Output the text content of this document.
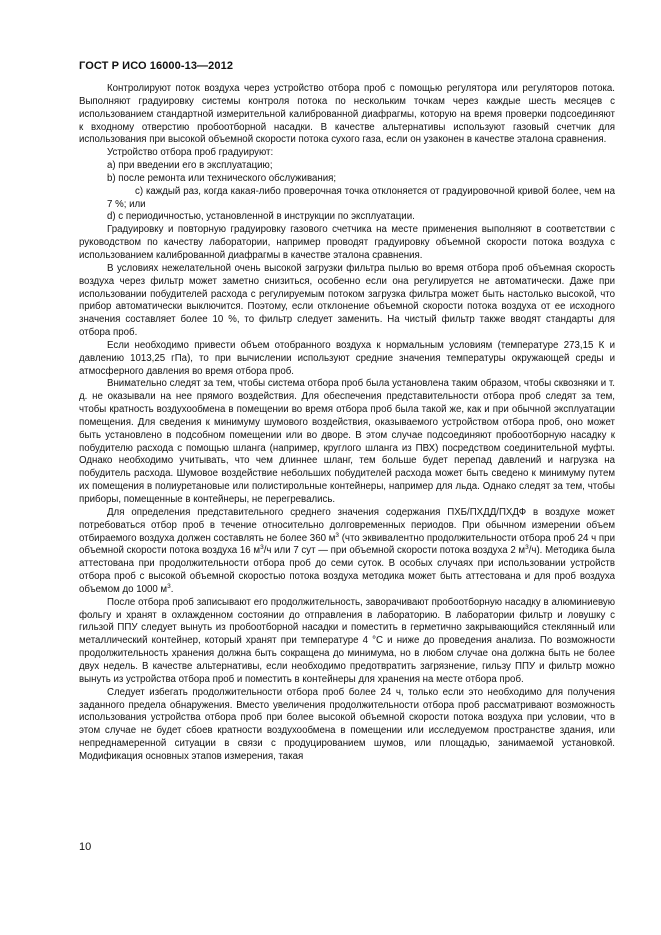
ГОСТ Р ИСО 16000-13—2012

Контролируют поток воздуха через устройство отбора проб с помощью регулятора или регуляторов потока. Выполняют градуировку системы контроля потока по нескольким точкам через каждые шесть месяцев с использованием стандартной измерительной калиброванной диафрагмы, которую на время проверки подсоединяют к входному отверстию пробоотборной насадки. В качестве альтернативы используют газовый счетчик для использования при высокой объемной скорости потока сухого газа, если он узаконен в качестве эталона сравнения.

Устройство отбора проб градуируют:

a) при введении его в эксплуатацию;

b) после ремонта или технического обслуживания;

c) каждый раз, когда какая-либо проверочная точка отклоняется от градуировочной кривой более, чем на 7 %; или

d) с периодичностью, установленной в инструкции по эксплуатации.

Градуировку и повторную градуировку газового счетчика на месте применения выполняют в соответствии с руководством по качеству лаборатории, например проводят градуировку объемной скорости потока воздуха с использованием калиброванной диафрагмы в качестве эталона сравнения.

В условиях нежелательной очень высокой загрузки фильтра пылью во время отбора проб объемная скорость воздуха через фильтр может заметно снизиться, особенно если она регулируется не автоматически. Даже при использовании побудителей расхода с регулируемым потоком загрузка фильтра может быть настолько высокой, что прибор автоматически выключится. Поэтому, если отклонение объемной скорости потока воздуха от ее исходного значения составляет более 10 %, то фильтр следует заменить. На чистый фильтр также вводят стандарты для отбора проб.

Если необходимо привести объем отобранного воздуха к нормальным условиям (температуре 273,15 К и давлению 1013,25 гПа), то при вычислении используют средние значения температуры окружающей среды и атмосферного давления во время отбора проб.

Внимательно следят за тем, чтобы система отбора проб была установлена таким образом, чтобы сквозняки и т. д. не оказывали на нее прямого воздействия. Для обеспечения представительности отбора проб следят за тем, чтобы кратность воздухообмена в помещении во время отбора проб была такой же, как и при обычной эксплуатации помещения. Для сведения к минимуму шумового воздействия, оказываемого устройством отбора проб, оно может быть установлено в подсобном помещении или во дворе. В этом случае подсоединяют пробоотборную насадку к побудителю расхода с помощью шланга (например, круглого шланга из ПВХ) посредством соединительной муфты. Однако необходимо учитывать, что чем длиннее шланг, тем больше будет перепад давлений и нагрузка на побудитель расхода. Шумовое воздействие небольших побудителей расхода может быть сведено к минимуму путем их помещения в полиуретановые или полистирольные контейнеры, например для льда. Однако следят за тем, чтобы приборы, помещенные в контейнеры, не перегревались.

Для определения представительного среднего значения содержания ПХБ/ПХДД/ПХДФ в воздухе может потребоваться отбор проб в течение относительно долговременных периодов. При обычном измерении объем отбираемого воздуха должен составлять не более 360 $м^3$ (что эквивалентно продолжительности отбора проб 24 ч при объемной скорости потока воздуха 16 $м^3/ч$ или 7 сут — при объемной скорости потока воздуха 2 $м^3/ч$). Методика была аттестована при продолжительности отбора проб до семи суток. В особых случаях при использовании устройств отбора проб с высокой объемной скоростью потока воздуха методика может быть аттестована и для проб воздуха объемом до 1000 $м^3$.

После отбора проб записывают его продолжительность, заворачивают пробоотборную насадку в алюминиевую фольгу и хранят в охлажденном состоянии до отправления в лабораторию. В лаборатории фильтр и ловушку с гильзой ППУ следует вынуть из пробоотборной насадки и поместить в герметично закрывающийся стеклянный или металлический контейнер, который хранят при температуре 4 °С и ниже до проведения анализа. По возможности продолжительность хранения должна быть сокращена до минимума, но в любом случае она должна быть не более двух недель. В качестве альтернативы, если необходимо предотвратить загрязнение, гильзу ППУ и фильтр можно вынуть из устройства отбора проб и поместить в контейнеры для хранения на месте отбора проб.

Следует избегать продолжительности отбора проб более 24 ч, только если это необходимо для получения заданного предела обнаружения. Вместо увеличения продолжительности отбора проб рассматривают возможность использования устройства отбора проб при более высокой объемной скорости потока воздуха при условии, что в этом случае не будет сбоев кратности воздухообмена в помещении или исследуемом пространстве здания, или непреднамеренной ситуации в связи с продуцированием шумов, или площадью, занимаемой установкой. Модификация основных этапов измерения, такая

10
